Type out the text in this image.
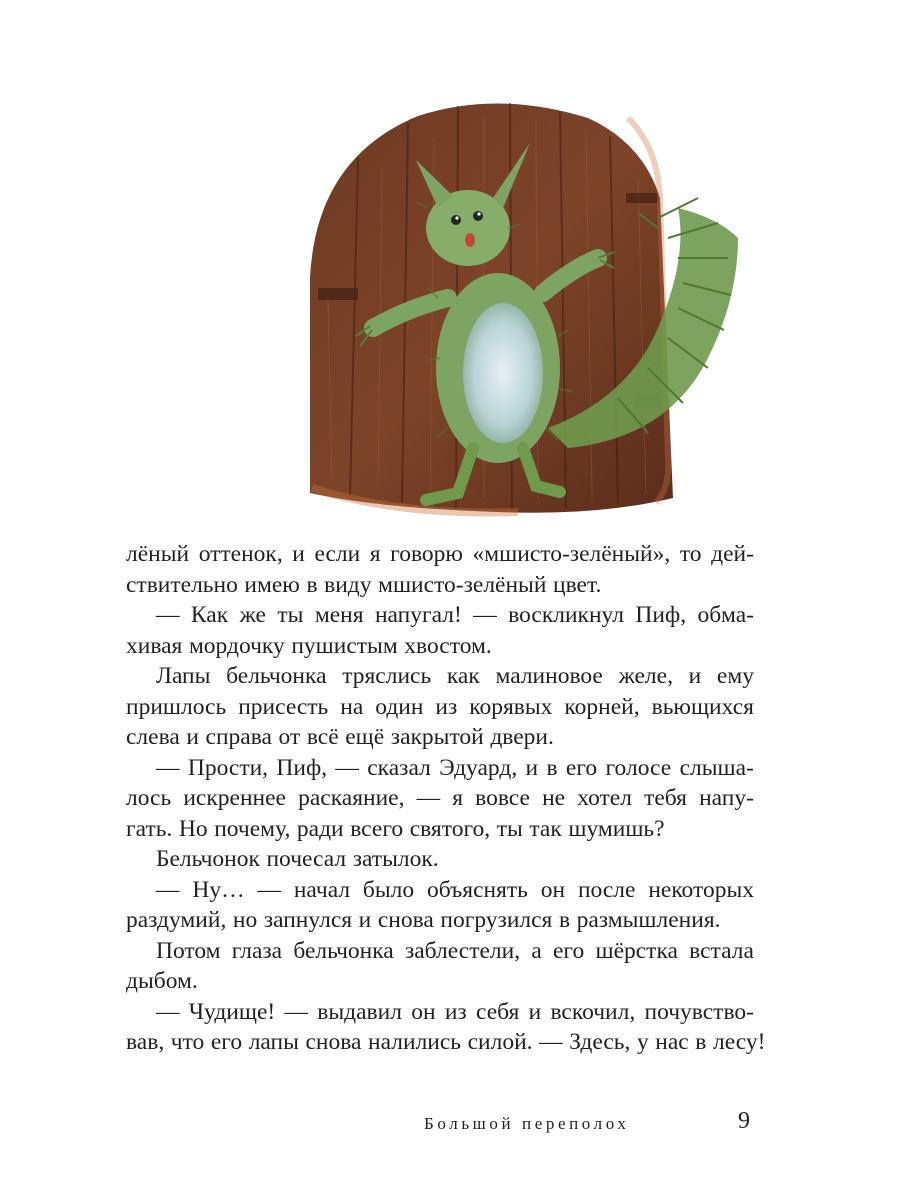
лёный оттенок, и если я говорю «мшисто-зелёный», то дей-
ствительно имею в виду мшисто-зелёный цвет.
— Как же ты меня напугал! — воскликнул Пиф, обма-
хивая мордочку пушистым хвостом.
Лапы бельчонка тряслись как малиновое желе, и ему
пришлось присесть на один из корявых корней, вьющихся
слева и справа от всё ещё закрытой двери.
— Прости, Пиф, — сказал Эдуард, и в его голосе слыша-
лось искреннее раскаяние, — я вовсе не хотел тебя напу-
гать. Но почему, ради всего святого, ты так шумишь?
Бельчонок почесал затылок.
— Ну… — начал было объяснять он после некоторых
раздумий, но запнулся и снова погрузился в размышления.
Потом глаза бельчонка заблестели, а его шёрстка встала
дыбом.
— Чудище! — выдавил он из себя и вскочил, почувство-
вав, что его лапы снова налились силой. — Здесь, у нас в лесу!
Большой переполох	9
